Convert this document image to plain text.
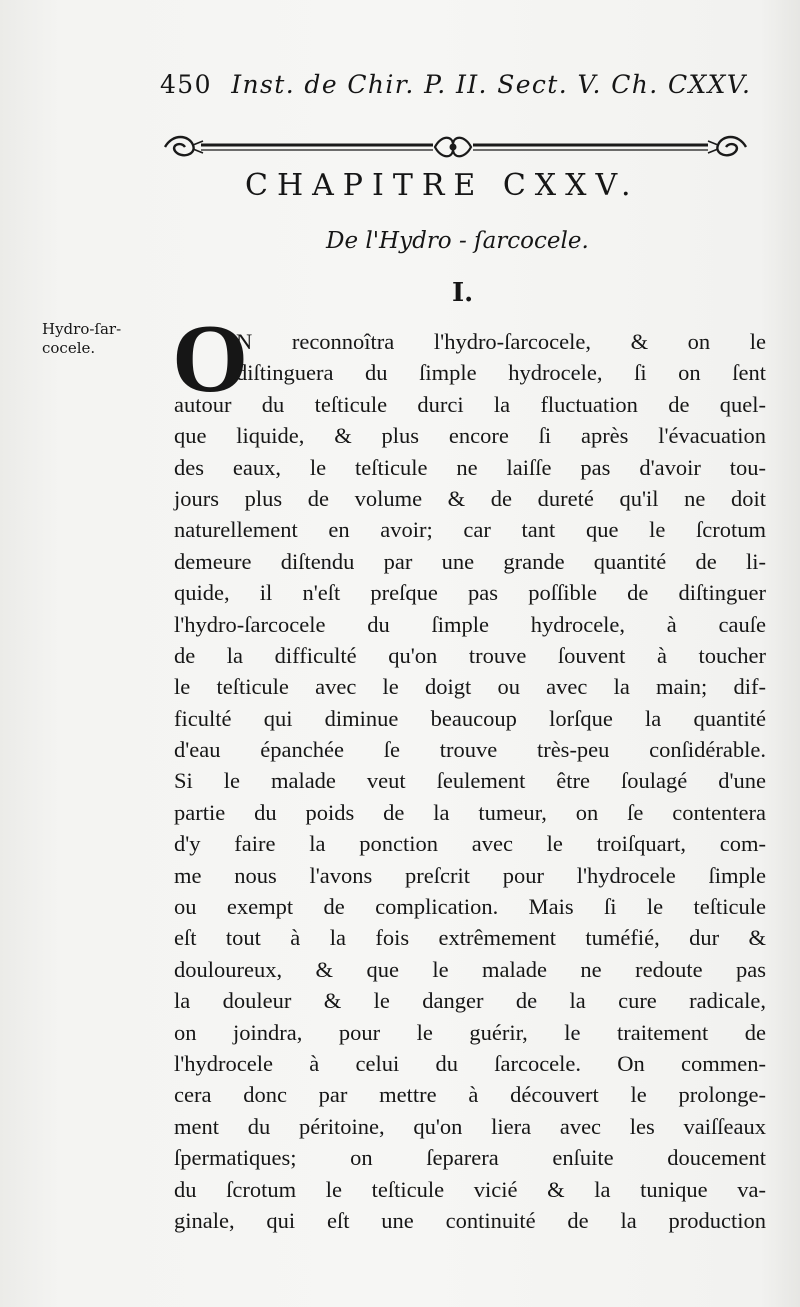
450 Inst. de Chir. P. II. Sect. V. Ch. CXXV.
CHAPITRE CXXV.
De l'Hydro - ſarcocele.
I.
Hydro-ſar-
cocele. O
N reconnoîtra l'hydro-ſarcocele, & on le
diſtinguera du ſimple hydrocele, ſi on ſent
autour du teſticule durci la fluctuation de quel-
que liquide, & plus encore ſi après l'évacuation
des eaux, le teſticule ne laiſſe pas d'avoir tou-
jours plus de volume & de dureté qu'il ne doit
naturellement en avoir; car tant que le ſcrotum
demeure diſtendu par une grande quantité de li-
quide, il n'eſt preſque pas poſſible de diſtinguer
l'hydro-ſarcocele du ſimple hydrocele, à cauſe
de la difficulté qu'on trouve ſouvent à toucher
le teſticule avec le doigt ou avec la main; dif-
ficulté qui diminue beaucoup lorſque la quantité
d'eau épanchée ſe trouve très-peu conſidérable.
Si le malade veut ſeulement être ſoulagé d'une
partie du poids de la tumeur, on ſe contentera
d'y faire la ponction avec le troiſquart, com-
me nous l'avons preſcrit pour l'hydrocele ſimple
ou exempt de complication. Mais ſi le teſticule
eſt tout à la fois extrêmement tuméfié, dur &
douloureux, & que le malade ne redoute pas
la douleur & le danger de la cure radicale,
on joindra, pour le guérir, le traitement de
l'hydrocele à celui du ſarcocele. On commen-
cera donc par mettre à découvert le prolonge-
ment du péritoine, qu'on liera avec les vaiſſeaux
ſpermatiques; on ſeparera enſuite doucement
du ſcrotum le teſticule vicié & la tunique va-
ginale, qui eſt une continuité de la production
